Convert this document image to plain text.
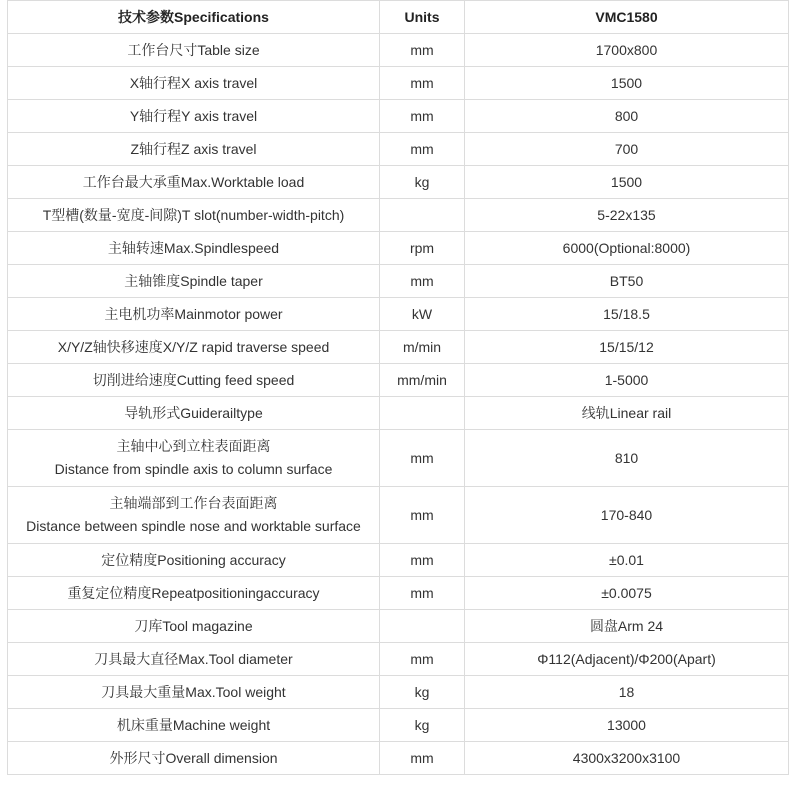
技术参数Specifications	Units	VMC1580
工作台尺寸Table size	mm	1700x800
X轴行程X axis travel	mm	1500
Y轴行程Y axis travel	mm	800
Z轴行程Z axis travel	mm	700
工作台最大承重Max.Worktable load	kg	1500
T型槽(数量-宽度-间隙)T slot(number-width-pitch)		5-22x135
主轴转速Max.Spindlespeed	rpm	6000(Optional:8000)
主轴锥度Spindle taper	mm	BT50
主电机功率Mainmotor power	kW	15/18.5
X/Y/Z轴快移速度X/Y/Z rapid traverse speed	m/min	15/15/12
切削进给速度Cutting feed speed	mm/min	1-5000
导轨形式Guiderailtype		线轨Linear rail

主轴中心到立柱表面距离
Distance from spindle axis to column surface	mm	810

主轴端部到工作台表面距离
Distance between spindle nose and worktable surface	mm	170-840
定位精度Positioning accuracy	mm	±0.01
重复定位精度Repeatpositioningaccuracy	mm	±0.0075
刀库Tool magazine		圆盘Arm 24
刀具最大直径Max.Tool diameter	mm	Φ112(Adjacent)/Φ200(Apart)
刀具最大重量Max.Tool weight	kg	18
机床重量Machine weight	kg	13000
外形尺寸Overall dimension	mm	4300x3200x3100
